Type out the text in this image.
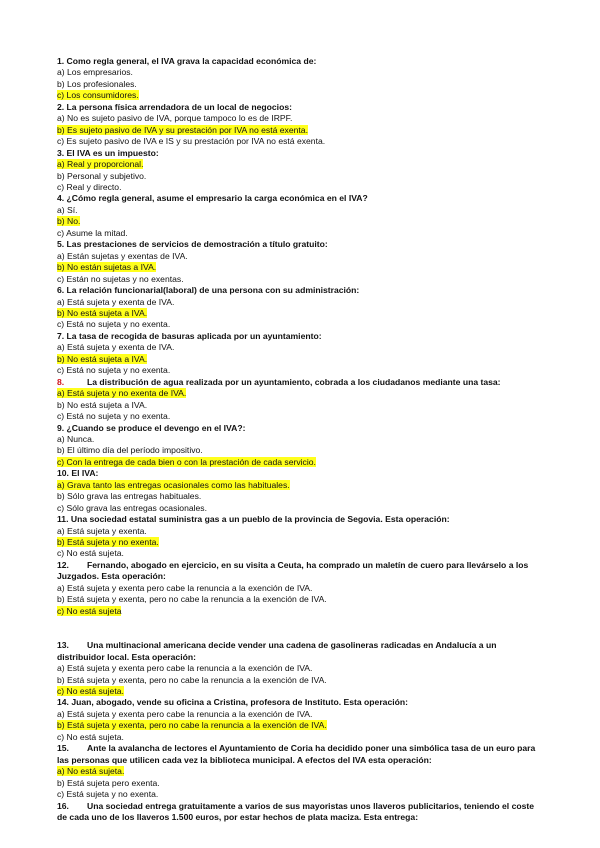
1. Como regla general, el IVA grava la capacidad económica de:
a) Los empresarios.
b) Los profesionales.
c) Los consumidores.
2. La persona física arrendadora de un local de negocios:
a) No es sujeto pasivo de IVA, porque tampoco lo es de IRPF.
b) Es sujeto pasivo de IVA y su prestación por IVA no está exenta.
c) Es sujeto pasivo de IVA e IS y su prestación por IVA no está exenta.
3. El IVA es un impuesto:
a) Real y proporcional.
b) Personal y subjetivo.
c) Real y directo.
4. ¿Cómo regla general, asume el empresario la carga económica en el IVA?
a) Sí.
b) No.
c) Asume la mitad.
5. Las prestaciones de servicios de demostración a título gratuito:
a) Están sujetas y exentas de IVA.
b) No están sujetas a IVA.
c) Están no sujetas y no exentas.
6. La relación funcionarial(laboral) de una persona con su administración:
a) Está sujeta y exenta de IVA.
b) No está sujeta a IVA.
c) Está no sujeta y no exenta.
7. La tasa de recogida de basuras aplicada por un ayuntamiento:
a) Está sujeta y exenta de IVA.
b) No está sujeta a IVA.
c) Está no sujeta y no exenta.
8.	La distribución de agua realizada por un ayuntamiento, cobrada a los ciudadanos mediante una tasa:
a) Está sujeta y no exenta de IVA.
b) No está sujeta a IVA.
c) Está no sujeta y no exenta.
9. ¿Cuando se produce el devengo en el IVA?:
a) Nunca.
b) El último día del período impositivo.
c) Con la entrega de cada bien o con la prestación de cada servicio.
10. El IVA:
a) Grava tanto las entregas ocasionales como las habituales.
b) Sólo grava las entregas habituales.
c) Sólo grava las entregas ocasionales.
11. Una sociedad estatal suministra gas a un pueblo de la provincia de Segovia. Esta operación:
a) Está sujeta y exenta.
b) Está sujeta y no exenta.
c) No está sujeta.
12. Fernando, abogado en ejercicio, en su visita a Ceuta, ha comprado un maletín de cuero para llevárselo a los Juzgados. Esta operación:
a) Está sujeta y exenta pero cabe la renuncia a la exención de IVA.
b) Está sujeta y exenta, pero no cabe la renuncia a la exención de IVA.
c) No está sujeta
13. Una multinacional americana decide vender una cadena de gasolineras radicadas en Andalucía a un distribuidor local. Esta operación:
a) Está sujeta y exenta pero cabe la renuncia a la exención de IVA.
b) Está sujeta y exenta, pero no cabe la renuncia a la exención de IVA.
c) No está sujeta.
14. Juan, abogado, vende su oficina a Cristina, profesora de Instituto. Esta operación:
a) Está sujeta y exenta pero cabe la renuncia a la exención de IVA.
b) Está sujeta y exenta, pero no cabe la renuncia a la exención de IVA.
c) No está sujeta.
15. Ante la avalancha de lectores el Ayuntamiento de Coria ha decidido poner una simbólica tasa de un euro para las personas que utilicen cada vez la biblioteca municipal. A efectos del IVA esta operación:
a) No está sujeta.
b) Está sujeta pero exenta.
c) Está sujeta y no exenta.
16. Una sociedad entrega gratuitamente a varios de sus mayoristas unos llaveros publicitarios, teniendo el coste de cada uno de los llaveros 1.500 euros, por estar hechos de plata maciza. Esta entrega:
